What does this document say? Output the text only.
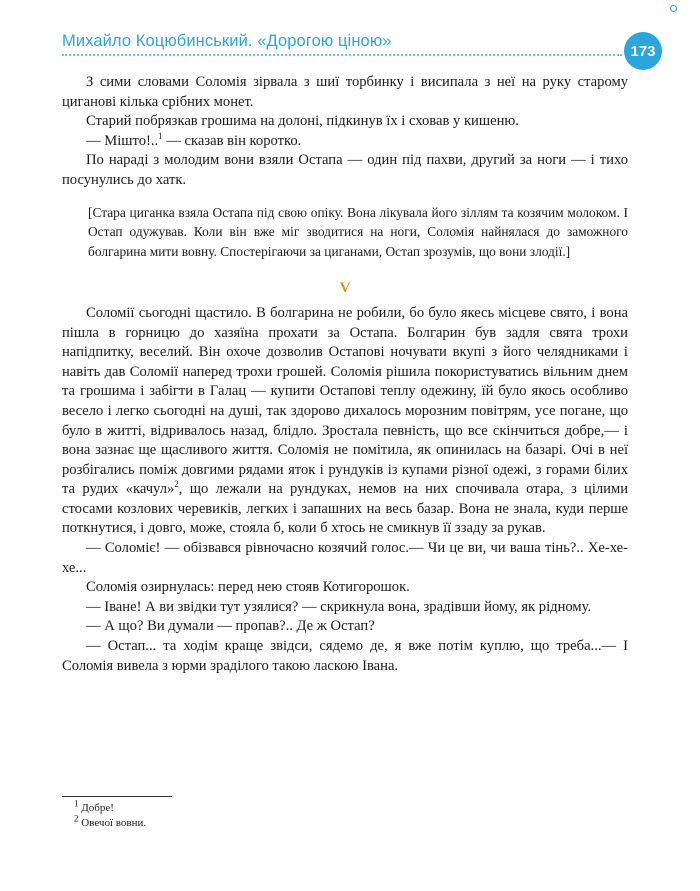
Михайло Коцюбинський. «Дорогою ціною»
173

З сими словами Соломія зірвала з шиї торбинку і висипала з неї на руку старому циганові кілька срібних монет.

Старий побрязкав грошима на долоні, підкинув їх і сховав у кишеню.

— Мішто!..$^1$ — сказав він коротко.

По нараді з молодим вони взяли Остапа — один під пахви, другий за ноги — і тихо посунулись до хатк.

[Стара циганка взяла Остапа під свою опіку. Вона лікувала його зіллям та козячим молоком. І Остап одужував. Коли він вже міг зводитися на ноги, Соломія найнялася до заможного болгарина мити вовну. Спостерігаючи за циганами, Остап зрозумів, що вони злодії.]
V

Соломії сьогодні щастило. В болгарина не робили, бо було якесь місцеве свято, і вона пішла в горницю до хазяїна прохати за Остапа. Болгарин був задля свята трохи напідпитку, веселий. Він охоче дозволив Остапові ночувати вкупі з його челядниками і навіть дав Соломії наперед трохи грошей. Соломія рішила покористуватись вільним днем та грошима і забігти в Галац — купити Остапові теплу одежину, їй було якось особливо весело і легко сьогодні на душі, так здорово дихалось морозним повітрям, усе погане, що було в житті, відривалось назад, блідло. Зростала певність, що все скінчиться добре,— і вона зазнає ще щасливого життя. Соломія не помітила, як опинилась на базарі. Очі в неї розбігались поміж довгими рядами яток і рундуків із купами різної одежі, з горами білих та рудих «качул»$^2$, що лежали на рундуках, немов на них спочивала отара, з цілими стосами козлових черевиків, легких і запашних на весь базар. Вона не знала, куди перше поткнутися, і довго, може, стояла б, коли б хтось не смикнув її ззаду за рукав.

— Соломіє! — обізвався рівночасно козячий голос.— Чи це ви, чи ваша тінь?.. Хе-хе-хе...

Соломія озирнулась: перед нею стояв Котигорошок.

— Іване! А ви звідки тут узялися? — скрикнула вона, зрадівши йому, як рідному.

— А що? Ви думали — пропав?.. Де ж Остап?

— Остап... та ходім краще звідси, сядемо де, я вже потім куплю, що треба...— І Соломія вивела з юрми зраділого такою ласкою Івана.

$^1$ Добре!
$^2$ Овечої вовни.
